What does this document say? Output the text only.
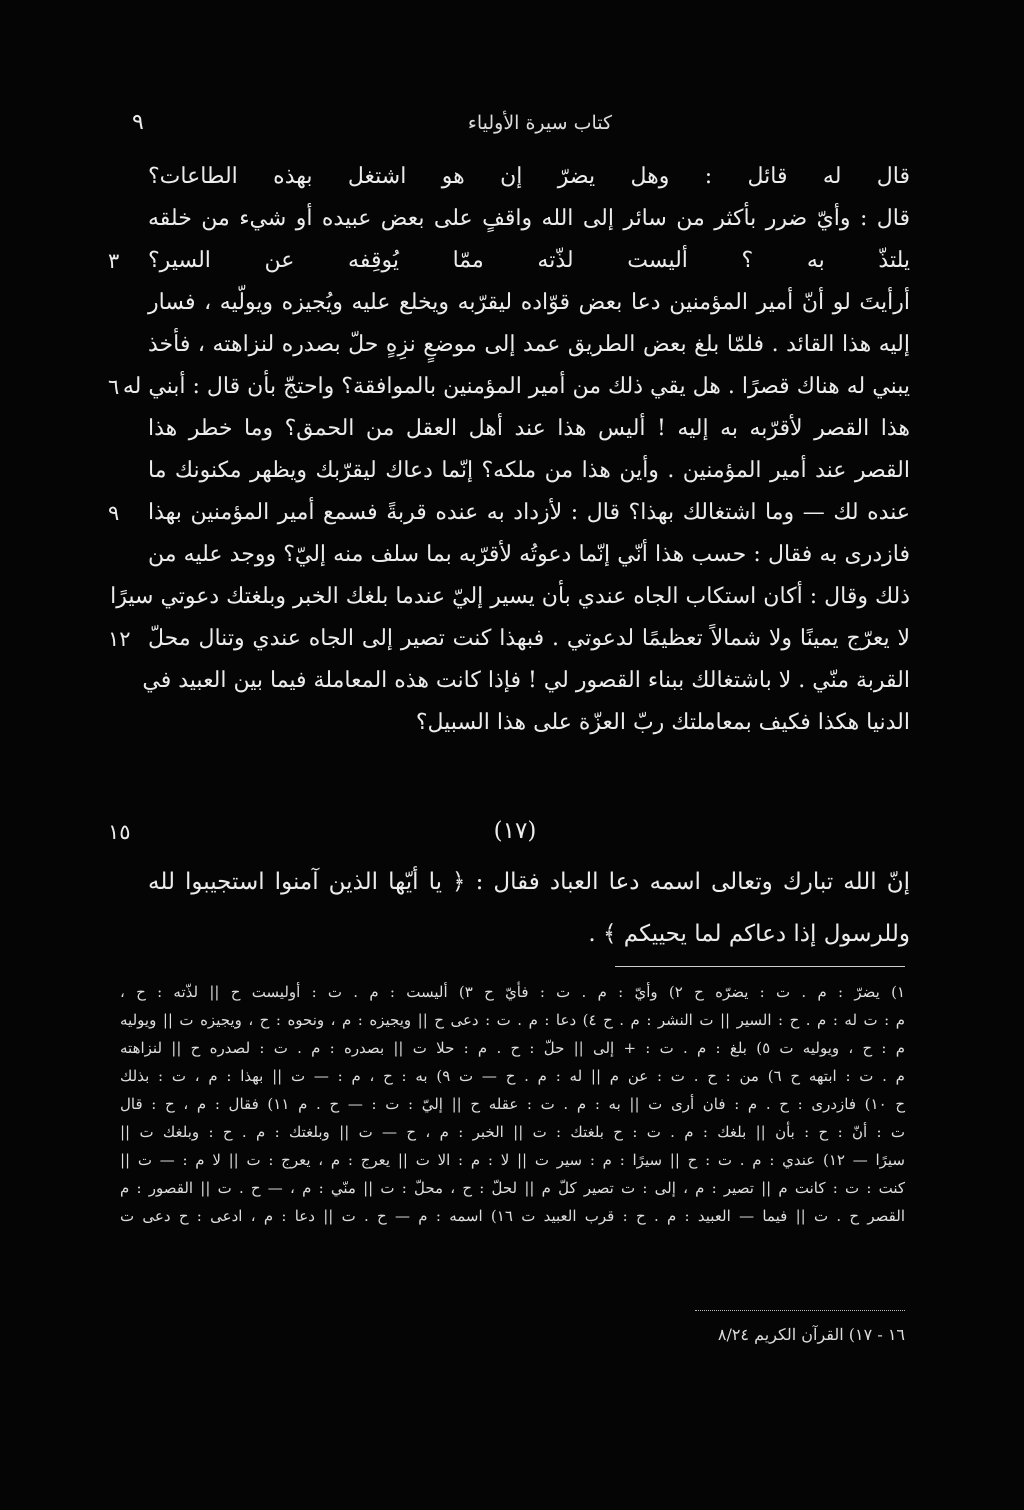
٩	كتاب سيرة الأولياء
قال له قائل : وهل يضرّ إن هو اشتغل بهذه الطاعات؟
قال : وأيّ ضرر بأكثر من سائر إلى الله واقفٍ على بعض عبيده أو شيء من خلقه
٣	يلتذّ به ؟ أليست لذّته ممّا يُوقِفه عن السير؟
أرأيتَ لو أنّ أمير المؤمنين دعا بعض قوّاده ليقرّبه ويخلع عليه ويُجيزه ويولّيه ، فسار
إليه هذا القائد . فلمّا بلغ بعض الطريق عمد إلى موضعٍ نزِهٍ حلّ بصدره لنزاهته ، فأخذ
٦ يبني له هناك قصرًا . هل يقي ذلك من أمير المؤمنين بالموافقة؟ واحتجّ بأن قال : أبني له
هذا القصر لأقرّبه به إليه ! أليس هذا عند أهل العقل من الحمق؟ وما خطر هذا
القصر عند أمير المؤمنين . وأين هذا من ملكه؟ إنّما دعاك ليقرّبك ويظهر مكنونك ما
٩	عنده لك — وما اشتغالك بهذا؟ قال : لأزداد به عنده قربةً فسمع أمير المؤمنين بهذا
فازدرى به فقال : حسب هذا أنّي إنّما دعوتُه لأقرّبه بما سلف منه إليّ؟ ووجد عليه من
ذلك وقال : أكان استكاب الجاه عندي بأن يسير إليّ عندما بلغك الخبر وبلغتك دعوتي سيرًا
١٢ لا يعرّج يمينًا ولا شمالاً تعظيمًا لدعوتي . فبهذا كنت تصير إلى الجاه عندي وتنال محلّ
القربة منّي . لا باشتغالك ببناء القصور لي ! فإذا كانت هذه المعاملة فيما بين العبيد في
الدنيا هكذا فكيف بمعاملتك ربّ العزّة على هذا السبيل؟
١٥	(١٧)
إنّ الله تبارك وتعالى اسمه دعا العباد فقال : ﴿ يا أيّها الذين آمنوا استجيبوا لله
وللرسول إذا دعاكم لما يحييكم ﴾ .
١) يضرّ : م . ت : يضرّه ح ٢) وأيّ : م . ت : فأيّ ح ٣) أليست : م . ت : أوليست ح || لذّته : ح ،
م : ت له : م . ح : السير || ت النشر : م . ح ٤) دعا : م . ت : دعى ح || ويجيزه : م ، ونحوه : ح ، ويجيزه ت || ويوليه
م : ح ، ويوليه ت ٥) بلغ : م . ت : + إلى || حلّ : ح . م : حلا ت || بصدره : م . ت : لصدره ح || لنزاهته
م . ت : ابتهه ح ٦) من : ح . ت : عن م || له : م . ح — ت ٩) به : ح ، م : — ت || بهذا : م ، ت : بذلك
ح ١٠) فازدرى : ح . م : فان أرى ت || به : م . ت : عقله ح || إليّ : ت : — ح . م ١١) فقال : م ، ح : قال
ت : أنّ : ح : بأن || بلغك : م . ت : ح بلغتك : ت || الخبر : م ، ح — ت || وبلغتك : م . ح : وبلغك ت ||
سيرًا — ١٢) عندي : م . ت : ح || سيرًا : م : سير ت || لا : م : الا ت || يعرج : م ، يعرج : ت || لا م : — ت ||
كنت : ت : كانت م || تصير : م ، إلى : ت تصير كلّ م || لحلّ : ح ، محلّ : ت || منّي : م ، — ح . ت || القصور : م
القصر ح . ت || فيما — العبيد : م . ح : قرب العبيد ت ١٦) اسمه : م — ح . ت || دعا : م ، ادعى : ح دعى ت
١٦ - ١٧) القرآن الكريم ٨/٢٤
